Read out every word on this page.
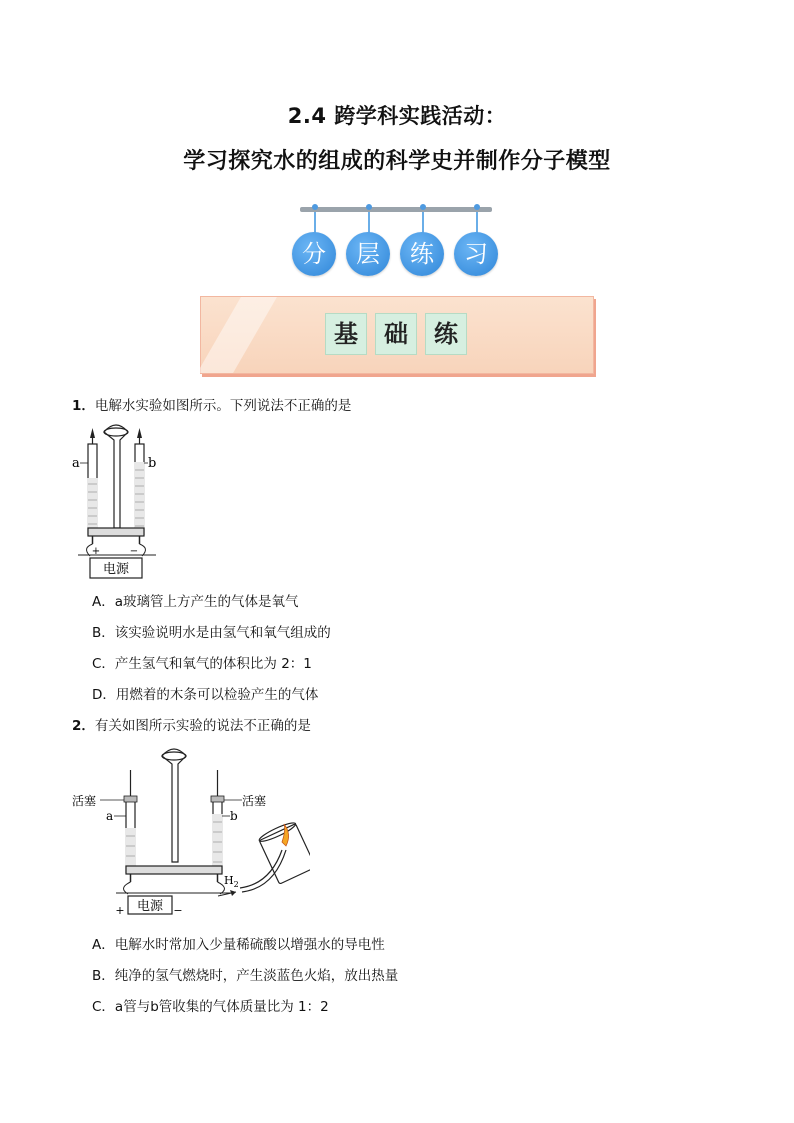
2.4 跨学科实践活动：
学习探究水的组成的科学史并制作分子模型
分	层	练	习
基	础	练
1．电解水实验如图所示。下列说法不正确的是
电源
+	−
a	b
A．a玻璃管上方产生的气体是氧气
B．该实验说明水是由氢气和氧气组成的
C．产生氢气和氧气的体积比为 2：1
D．用燃着的木条可以检验产生的气体
2．有关如图所示实验的说法不正确的是
电源
+	−
活塞	活塞
a	b
$H_2$
A．电解水时常加入少量稀硫酸以增强水的导电性
B．纯净的氢气燃烧时，产生淡蓝色火焰，放出热量
C．a管与b管收集的气体质量比为 1：2
